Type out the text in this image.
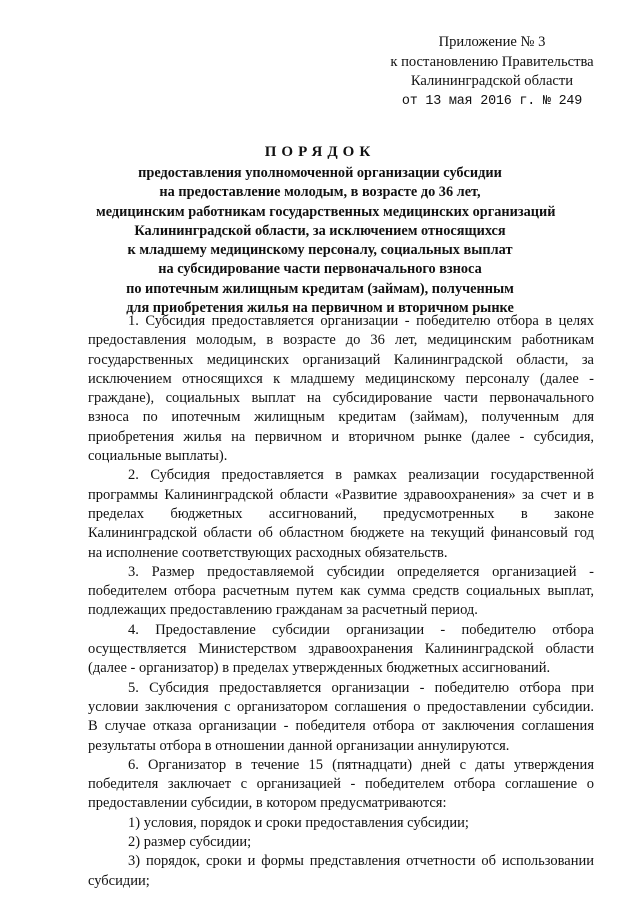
Приложение № 3
к постановлению Правительства
Калининградской области
от 13 мая 2016 г. № 249
ПОРЯДОК
предоставления уполномоченной организации субсидии
на предоставление молодым, в возрасте до 36 лет,
медицинским работникам государственных медицинских организаций
Калининградской области, за исключением относящихся
к младшему медицинскому персоналу, социальных выплат
на субсидирование части первоначального взноса
по ипотечным жилищным кредитам (займам), полученным
для приобретения жилья на первичном и вторичном рынке
1. Субсидия предоставляется организации - победителю отбора в целях
предоставления молодым, в возрасте до 36 лет, медицинским работникам
государственных медицинских организаций Калининградской области, за
исключением относящихся к младшему медицинскому персоналу (далее -
граждане), социальных выплат на субсидирование части первоначального
взноса по ипотечным жилищным кредитам (займам), полученным для
приобретения жилья на первичном и вторичном рынке (далее - субсидия,
социальные выплаты).
2. Субсидия предоставляется в рамках реализации государственной
программы Калининградской области «Развитие здравоохранения» за счет и в
пределах бюджетных ассигнований, предусмотренных в законе
Калининградской области об областном бюджете на текущий финансовый год
на исполнение соответствующих расходных обязательств.
3. Размер предоставляемой субсидии определяется организацией -
победителем отбора расчетным путем как сумма средств социальных выплат,
подлежащих предоставлению гражданам за расчетный период.
4. Предоставление субсидии организации - победителю отбора
осуществляется Министерством здравоохранения Калининградской области
(далее - организатор) в пределах утвержденных бюджетных ассигнований.
5. Субсидия предоставляется организации - победителю отбора при
условии заключения с организатором соглашения о предоставлении субсидии.
В случае отказа организации - победителя отбора от заключения соглашения
результаты отбора в отношении данной организации аннулируются.
6. Организатор в течение 15 (пятнадцати) дней с даты утверждения
победителя заключает с организацией - победителем отбора соглашение о
предоставлении субсидии, в котором предусматриваются:
1) условия, порядок и сроки предоставления субсидии;
2) размер субсидии;
3) порядок, сроки и формы представления отчетности об использовании
субсидии;
